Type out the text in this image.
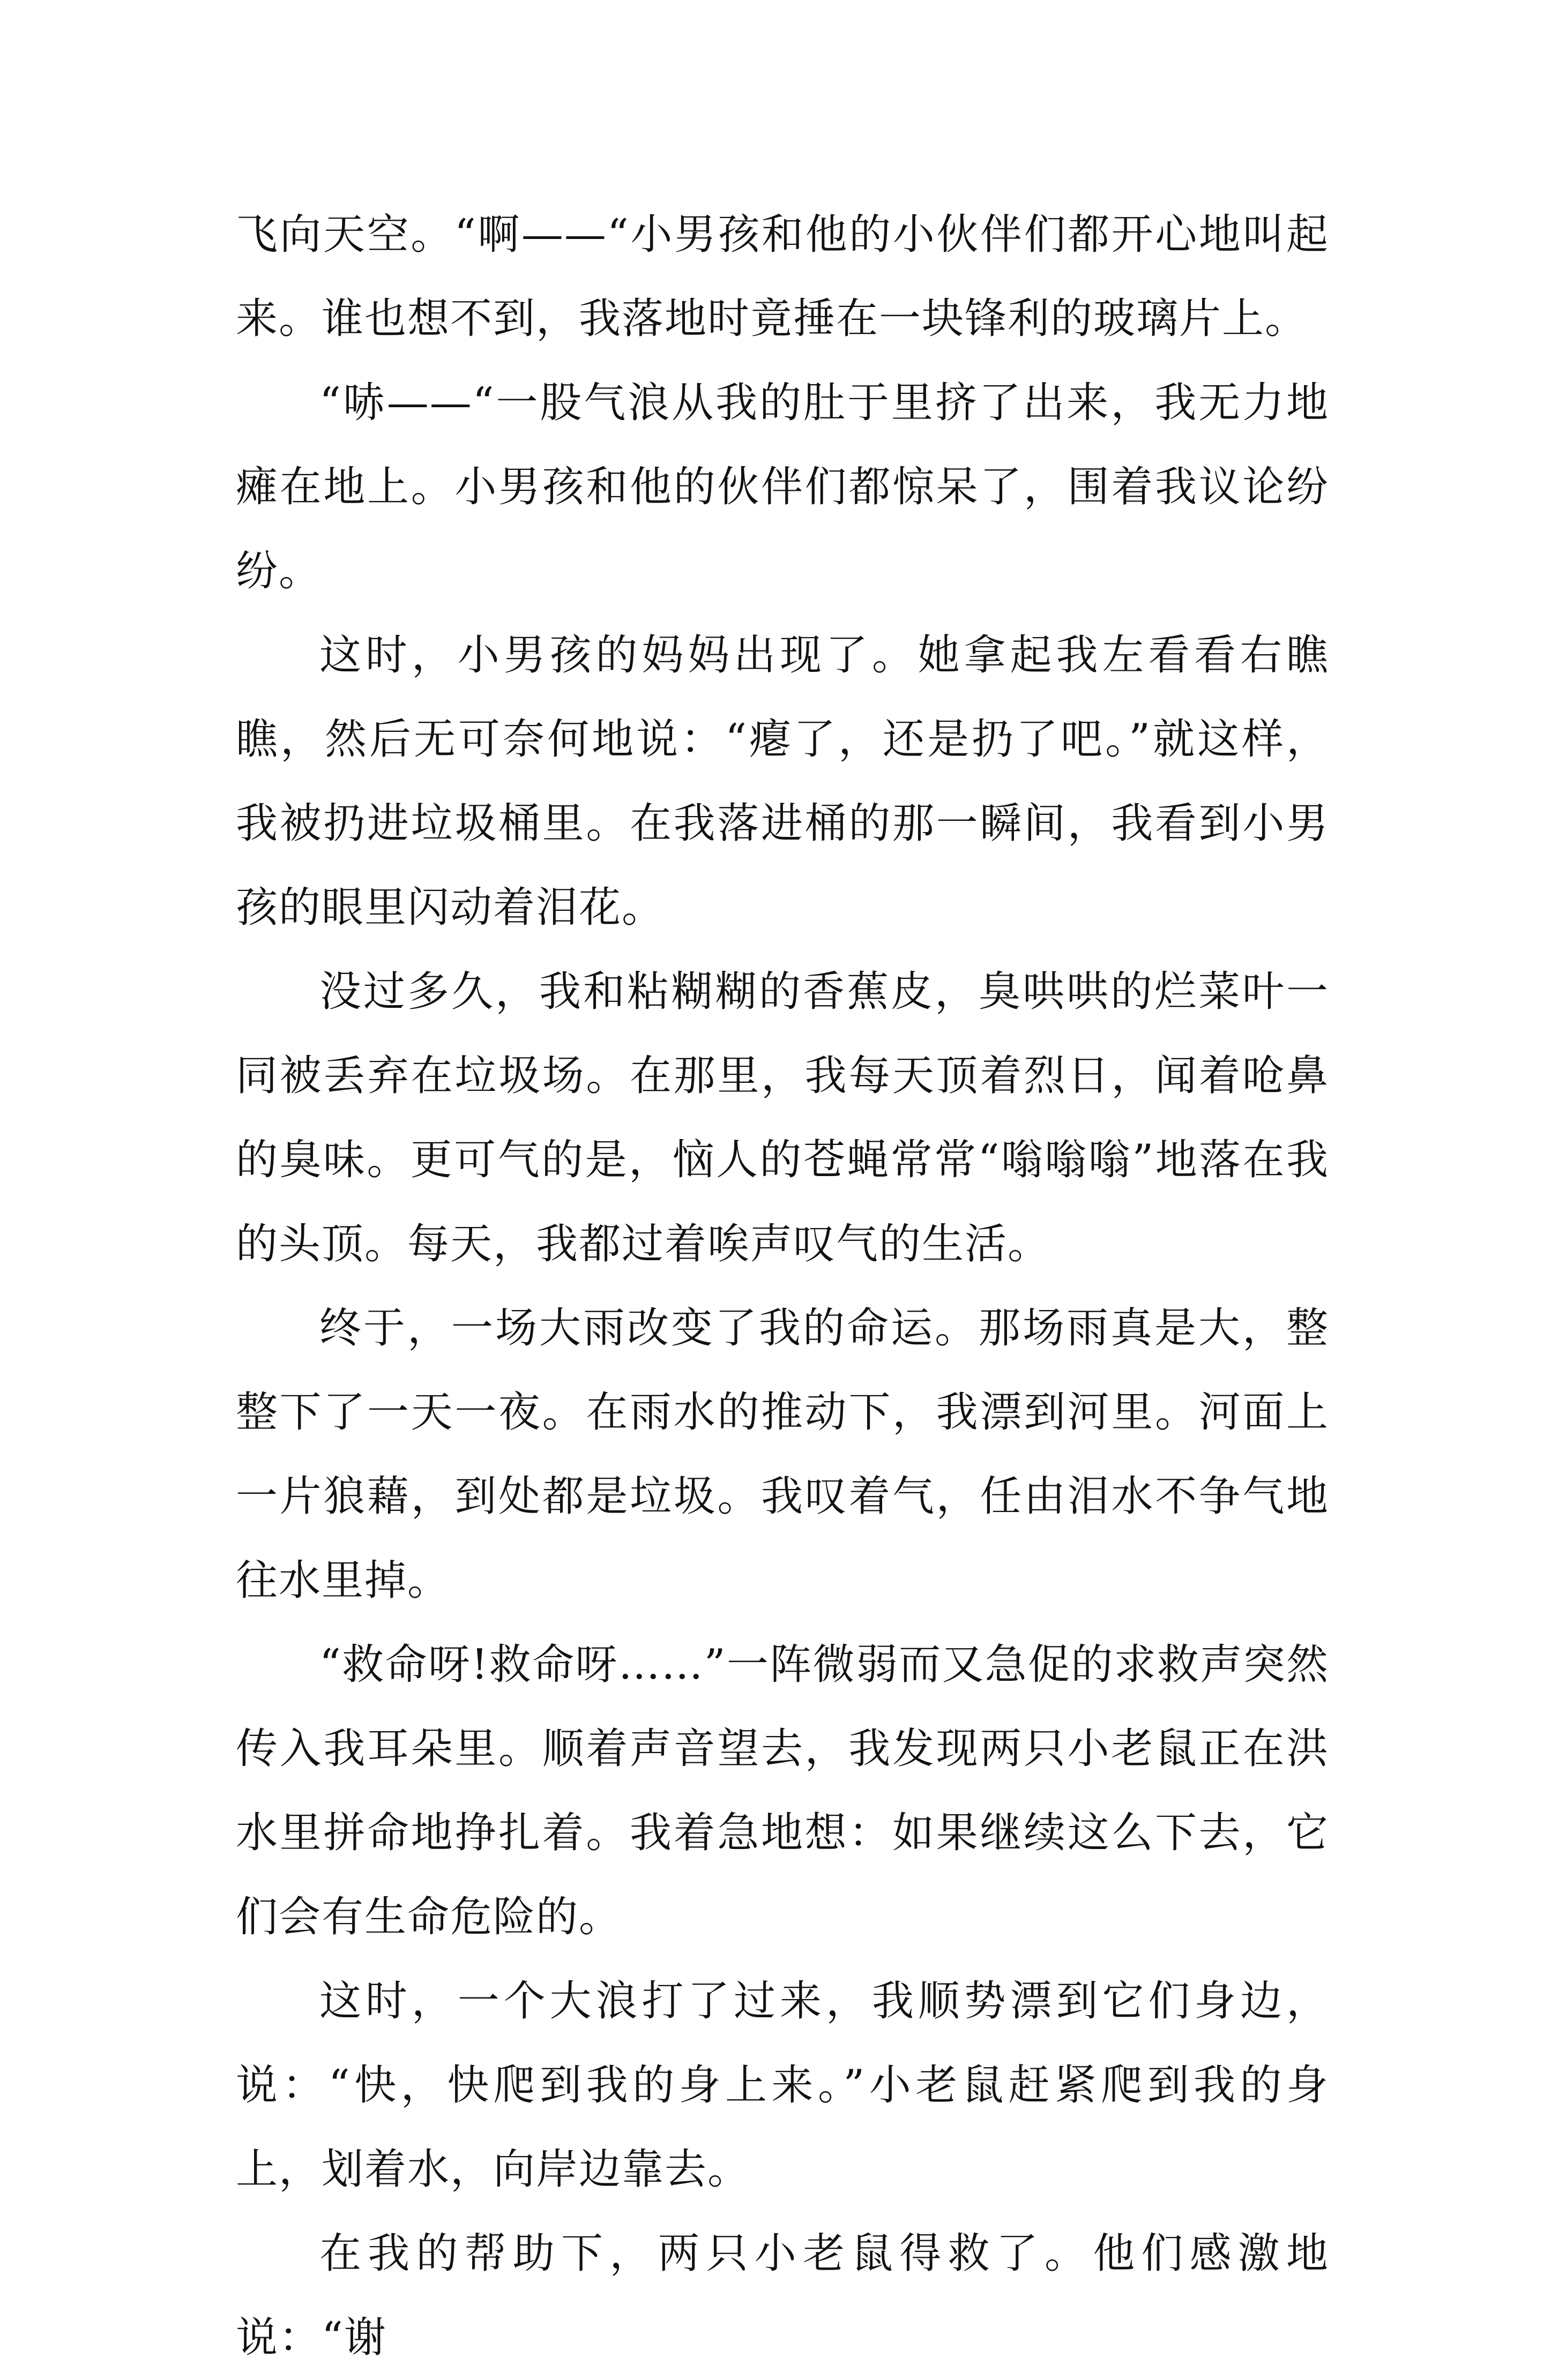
飞向天空。“啊——“小男孩和他的小伙伴们都开心地叫起来。谁也想不到，我落地时竟捶在一块锋利的玻璃片上。

“哧——“一股气浪从我的肚于里挤了出来，我无力地瘫在地上。小男孩和他的伙伴们都惊呆了，围着我议论纷纷。

这时，小男孩的妈妈出现了。她拿起我左看看右瞧瞧，然后无可奈何地说：“瘪了，还是扔了吧。”就这样，我被扔进垃圾桶里。在我落进桶的那一瞬间，我看到小男孩的眼里闪动着泪花。

没过多久，我和粘糊糊的香蕉皮，臭哄哄的烂菜叶一同被丢弃在垃圾场。在那里，我每天顶着烈日，闻着呛鼻的臭味。更可气的是，恼人的苍蝇常常“嗡嗡嗡”地落在我的头顶。每天，我都过着唉声叹气的生活。

终于，一场大雨改变了我的命运。那场雨真是大，整整下了一天一夜。在雨水的推动下，我漂到河里。河面上一片狼藉，到处都是垃圾。我叹着气，任由泪水不争气地往水里掉。

“救命呀!救命呀……”一阵微弱而又急促的求救声突然传入我耳朵里。顺着声音望去，我发现两只小老鼠正在洪水里拼命地挣扎着。我着急地想：如果继续这么下去，它们会有生命危险的。

这时，一个大浪打了过来，我顺势漂到它们身边，说：“快，快爬到我的身上来。”小老鼠赶紧爬到我的身上，划着水，向岸边靠去。

在我的帮助下，两只小老鼠得救了。他们感激地说：“谢
